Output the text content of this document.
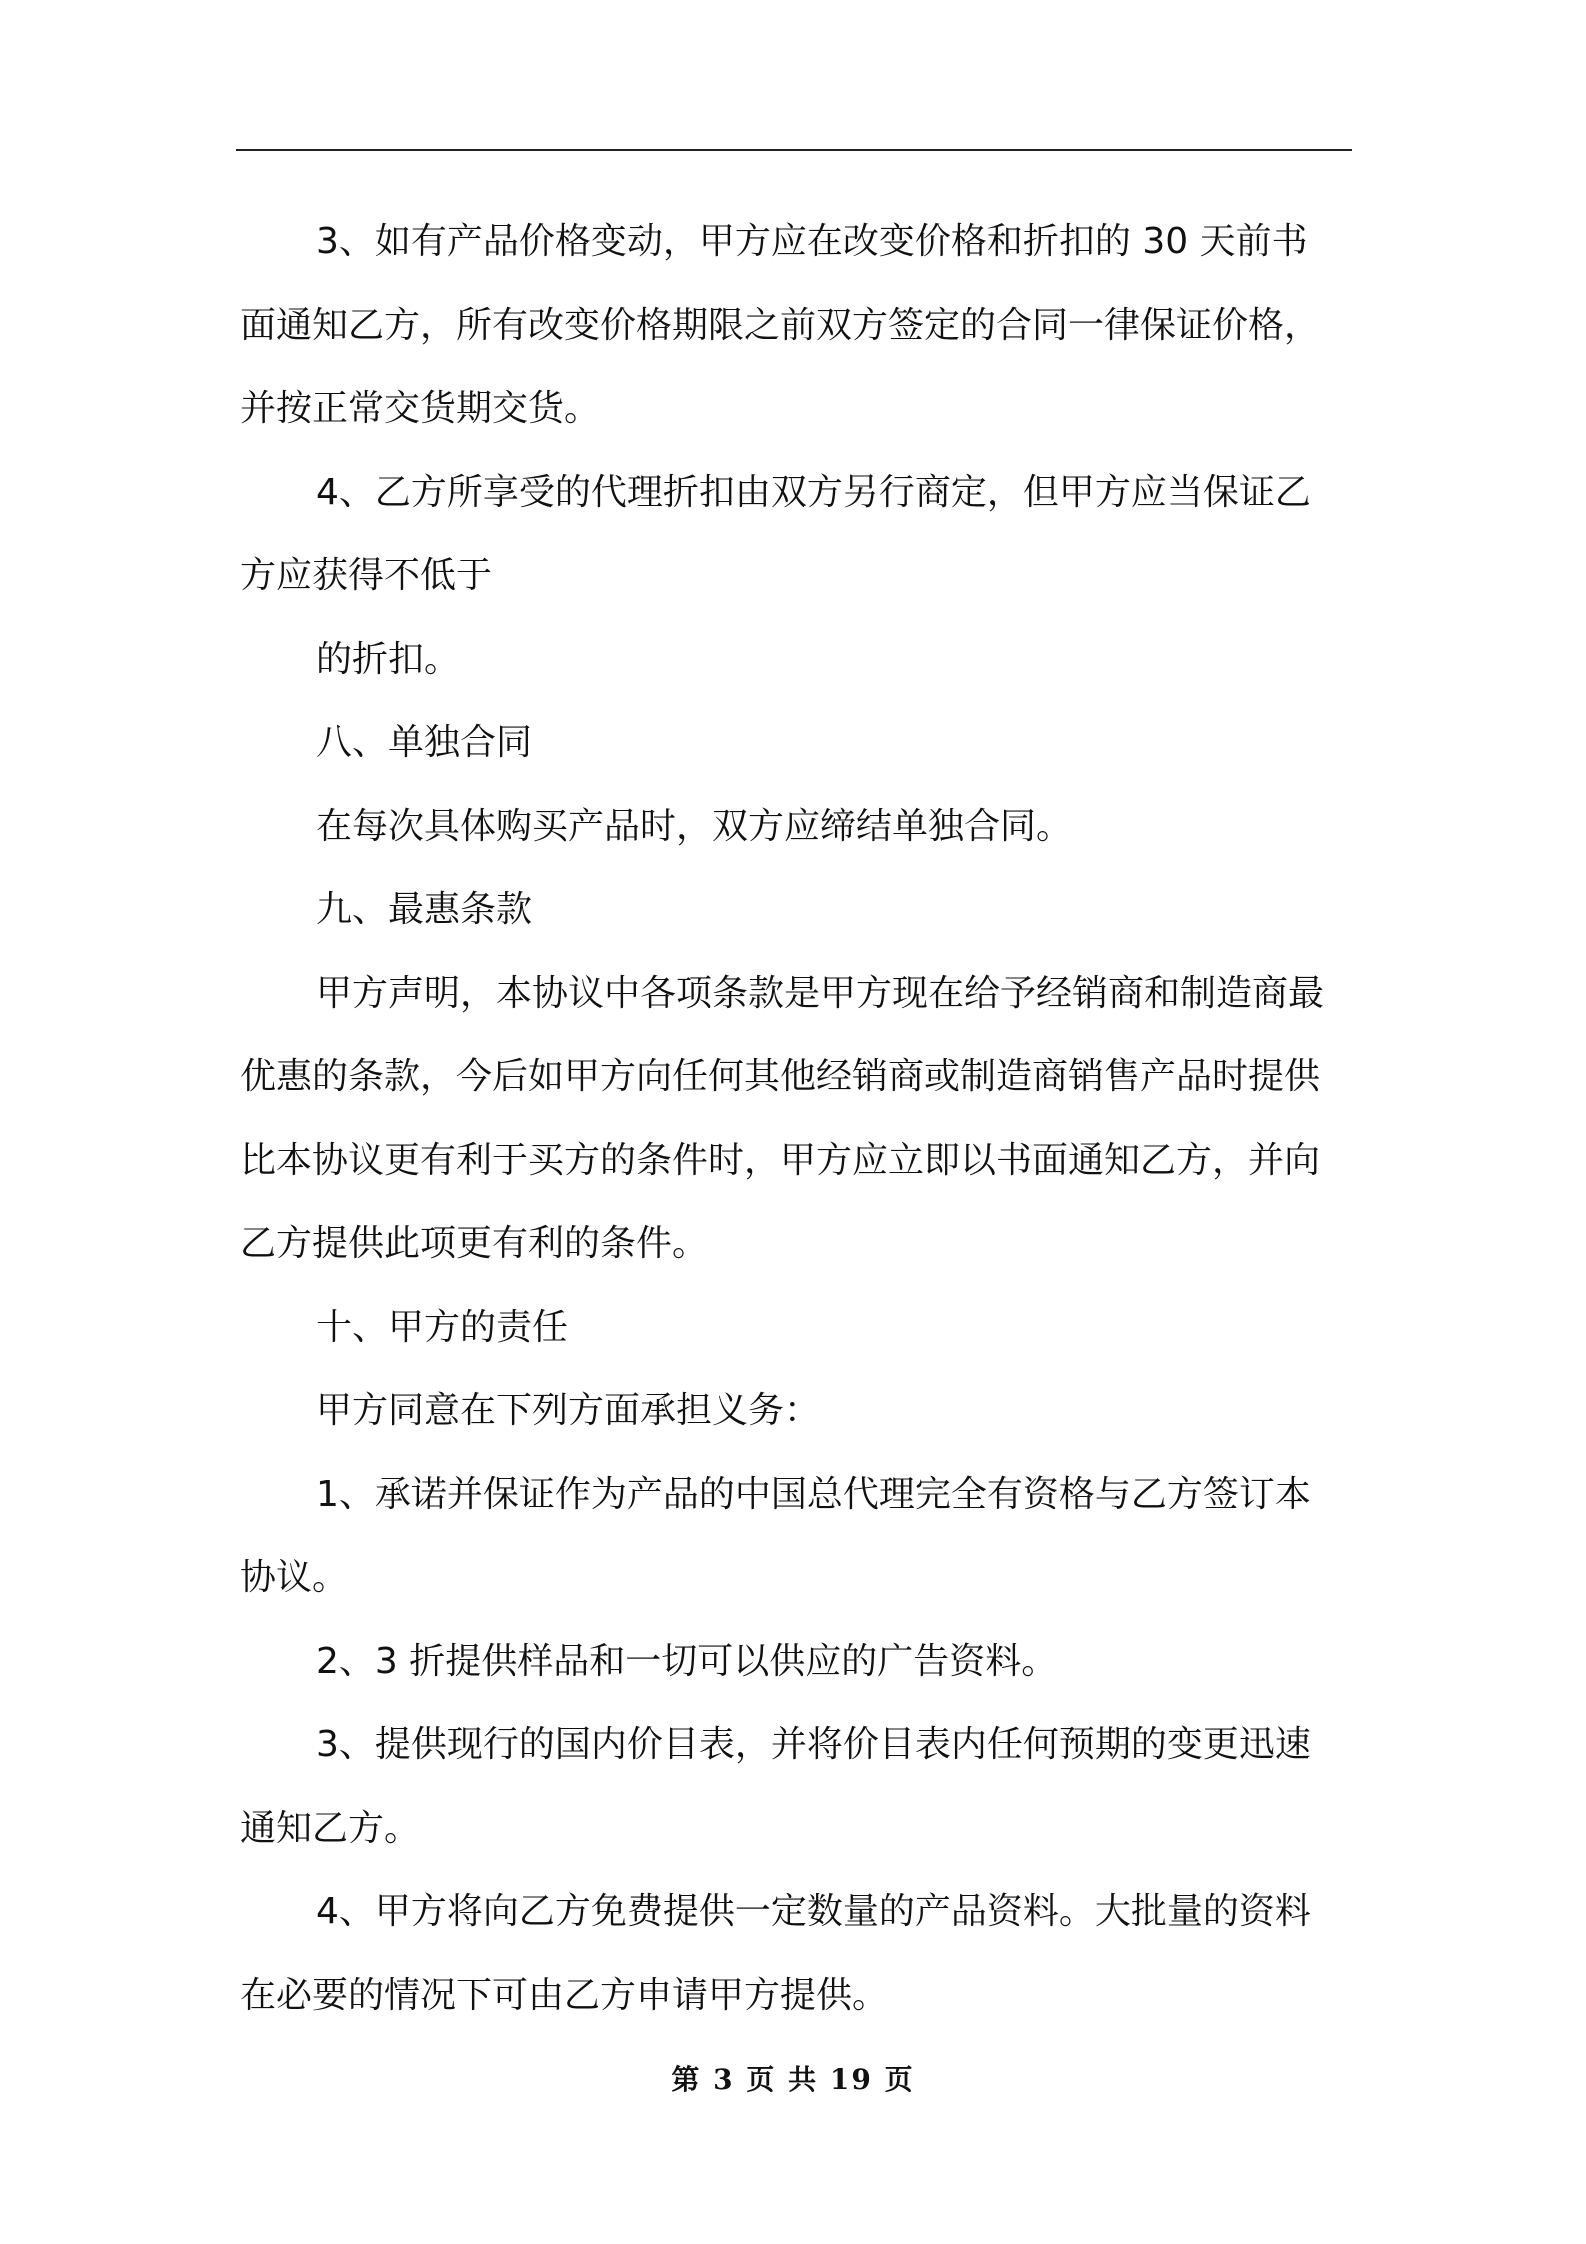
3、如有产品价格变动，甲方应在改变价格和折扣的 30 天前书

面通知乙方，所有改变价格期限之前双方签定的合同一律保证价格，

并按正常交货期交货。

4、乙方所享受的代理折扣由双方另行商定，但甲方应当保证乙

方应获得不低于

的折扣。

八、单独合同

在每次具体购买产品时，双方应缔结单独合同。

九、最惠条款

甲方声明，本协议中各项条款是甲方现在给予经销商和制造商最

优惠的条款，今后如甲方向任何其他经销商或制造商销售产品时提供

比本协议更有利于买方的条件时，甲方应立即以书面通知乙方，并向

乙方提供此项更有利的条件。

十、甲方的责任

甲方同意在下列方面承担义务：

1、承诺并保证作为产品的中国总代理完全有资格与乙方签订本

协议。

2、3 折提供样品和一切可以供应的广告资料。

3、提供现行的国内价目表，并将价目表内任何预期的变更迅速

通知乙方。

4、甲方将向乙方免费提供一定数量的产品资料。大批量的资料

在必要的情况下可由乙方申请甲方提供。

第 3 页 共 19 页
